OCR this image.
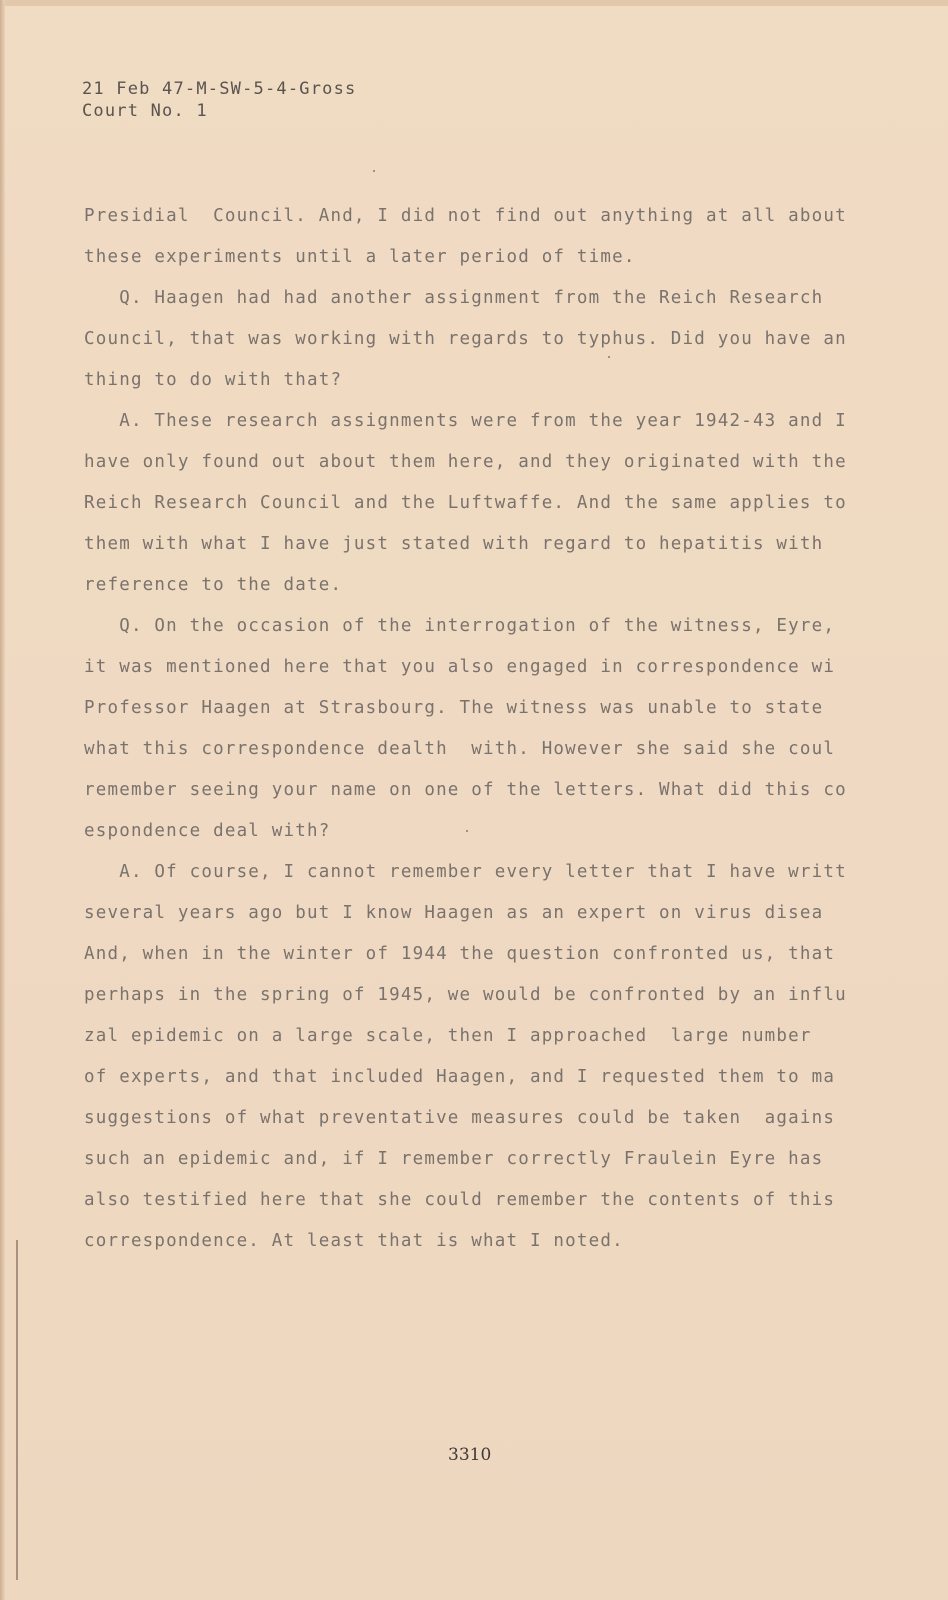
21 Feb 47-M-SW-5-4-Gross
Court No. 1
Presidial  Council. And, I did not find out anything at all about
these experiments until a later period of time.
Q. Haagen had had another assignment from the Reich Research
Council, that was working with regards to typhus. Did you have an
thing to do with that?
A. These research assignments were from the year 1942-43 and I
have only found out about them here, and they originated with the
Reich Research Council and the Luftwaffe. And the same applies to
them with what I have just stated with regard to hepatitis with
reference to the date.
Q. On the occasion of the interrogation of the witness, Eyre,
it was mentioned here that you also engaged in correspondence wi
Professor Haagen at Strasbourg. The witness was unable to state
what this correspondence dealth  with. However she said she coul
remember seeing your name on one of the letters. What did this co
espondence deal with?
A. Of course, I cannot remember every letter that I have writt
several years ago but I know Haagen as an expert on virus disea
And, when in the winter of 1944 the question confronted us, that
perhaps in the spring of 1945, we would be confronted by an influ
zal epidemic on a large scale, then I approached  large number
of experts, and that included Haagen, and I requested them to ma
suggestions of what preventative measures could be taken  agains
such an epidemic and, if I remember correctly Fraulein Eyre has
also testified here that she could remember the contents of this
correspondence. At least that is what I noted.
3310
